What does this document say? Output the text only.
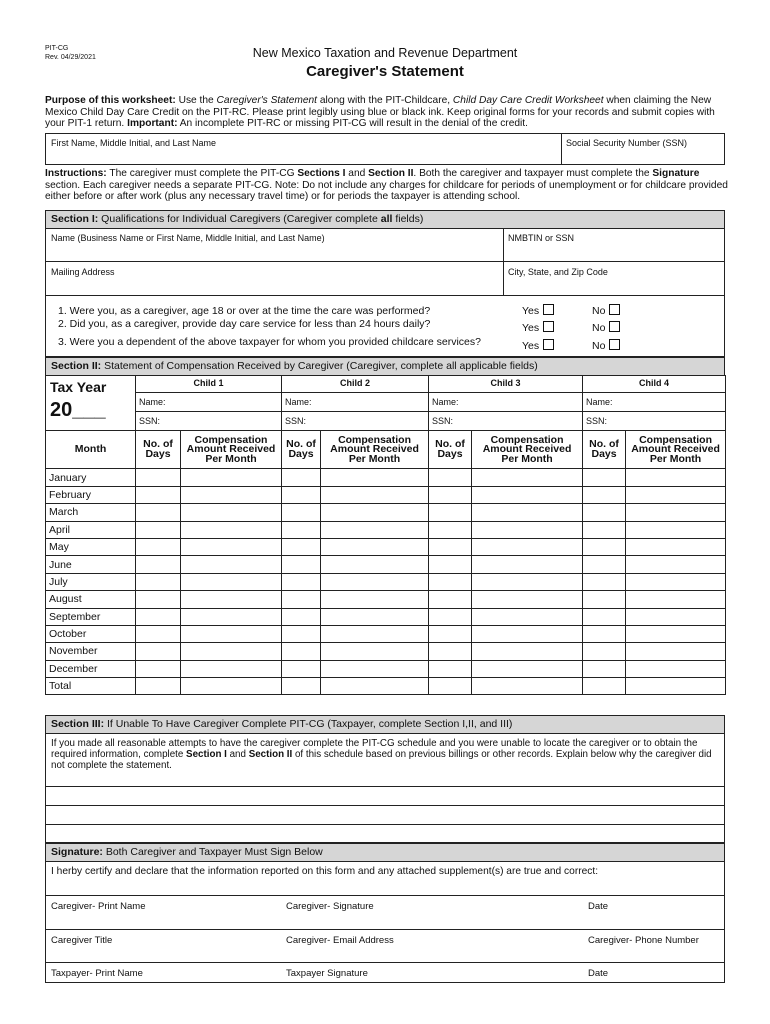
PIT-CG
Rev. 04/29/2021	New Mexico Taxation and Revenue Department
Caregiver's Statement
Purpose of this worksheet: Use the Caregiver's Statement along with the PIT-Childcare, Child Day Care Credit Worksheet when claiming the New Mexico Child Day Care Credit on the PIT-RC. Please print legibly using blue or black ink. Keep original forms for your records and submit copies with your PIT-1 return. Important: An incomplete PIT-RC or missing PIT-CG will result in the denial of the credit.
First Name, Middle Initial, and Last Name	Social Security Number (SSN)
Instructions: The caregiver must complete the PIT-CG Sections I and Section II. Both the caregiver and taxpayer must complete the Signature section. Each caregiver needs a separate PIT-CG. Note: Do not include any charges for childcare for periods of unemployment or for childcare provided either before or after work (plus any necessary travel time) or for periods the taxpayer is attending school.
Section I: Qualifications for Individual Caregivers (Caregiver complete all fields)
Name (Business Name or First Name, Middle Initial, and Last Name)	NMBTIN or SSN
Mailing Address	City, State, and Zip Code
1. Were you, as a caregiver, age 18 or over at the time the care was performed?
2. Did you, as a caregiver, provide day care service for less than 24 hours daily?
3. Were you a dependent of the above taxpayer for whom you provided childcare services?
Yes	No
Yes	No
Yes	No
Section II: Statement of Compensation Received by Caregiver (Caregiver, complete all applicable fields)
Tax Year
20___	Child 1		Child 2		Child 3		Child 4	
	Name:		Name:		Name:		Name:	
	SSN:		SSN:		SSN:		SSN:	
Month	No. of Days	Compensation Amount Received Per Month	No. of Days	Compensation Amount Received Per Month	No. of Days	Compensation Amount Received Per Month	No. of Days	Compensation Amount Received Per Month
January								
February								
March								
April								
May								
June								
July								
August								
September								
October								
November								
December								
Total								
Section III: If Unable To Have Caregiver Complete PIT-CG (Taxpayer, complete Section I,II, and III)
If you made all reasonable attempts to have the caregiver complete the PIT-CG schedule and you were unable to locate the caregiver or to obtain the required information, complete Section I and Section II of this schedule based on previous billings or other records. Explain below why the caregiver did not complete the statement.
Signature: Both Caregiver and Taxpayer Must Sign Below
I herby certify and declare that the information reported on this form and any attached supplement(s) are true and correct:
Caregiver- Print Name	Caregiver- Signature	Date
Caregiver Title	Caregiver- Email Address	Caregiver- Phone Number
Taxpayer- Print Name	Taxpayer Signature	Date
